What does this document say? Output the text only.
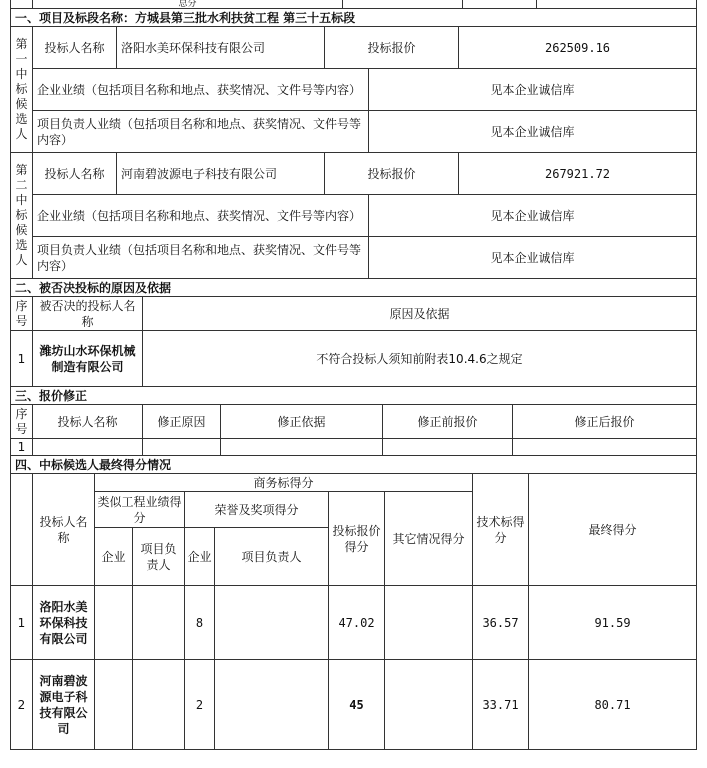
	总分			
一、项目及标段名称：方城县第三批水利扶贫工程 第三十五标段					
第一中标候选人	投标人名称	洛阳水美环保科技有限公司	投标报价		262509.16
	企业业绩（包括项目名称和地点、获奖情况、文件号等内容）			见本企业诚信库	
	项目负责人业绩（包括项目名称和地点、获奖情况、文件号等内容）			见本企业诚信库	
第二中标候选人	投标人名称	河南碧波源电子科技有限公司	投标报价		267921.72
	企业业绩（包括项目名称和地点、获奖情况、文件号等内容）			见本企业诚信库	
	项目负责人业绩（包括项目名称和地点、获奖情况、文件号等内容）			见本企业诚信库	
二、被否决投标的原因及依据		
序号	被否决的投标人名称	原因及依据
1	潍坊山水环保机械制造有限公司	不符合投标人须知前附表10.4.6之规定
三、报价修正					
序号	投标人名称	修正原因	修正依据	修正前报价	修正后报价
1					
四、中标候选人最终得分情况									
	投标人名称	商务标得分						技术标得分	最终得分
		类似工程业绩得分		荣誉及奖项得分		投标报价得分	其它情况得分		
		企业	项目负责人	企业	项目负责人				

1	洛阳水美环保科技有限公司			8		47.02		36.57	91.59
2	河南碧波源电子科技有限公司			2		45		33.71	80.71
